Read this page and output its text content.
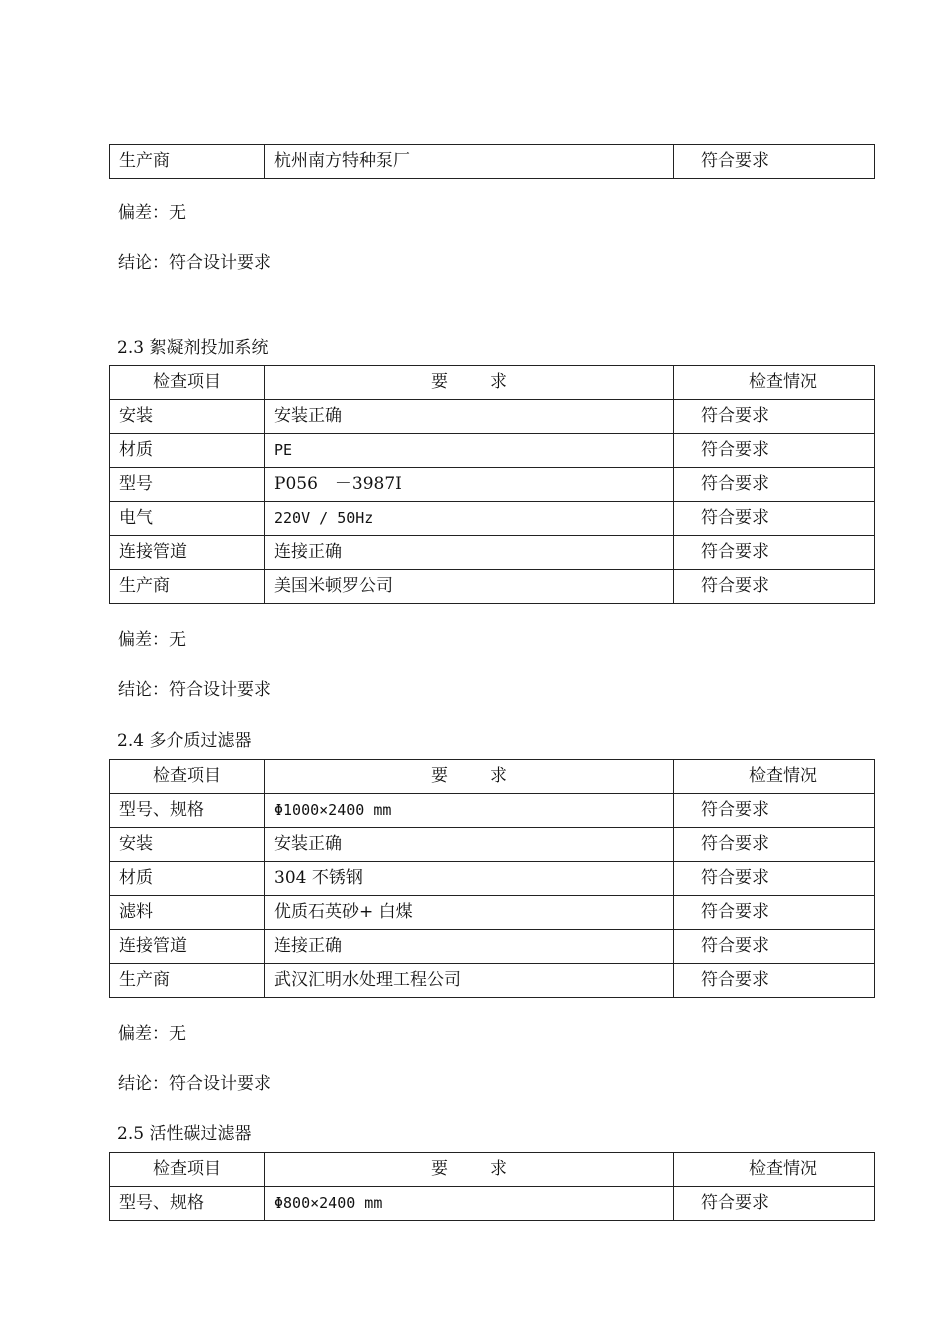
生产商	杭州南方特种泵厂	符合要求
偏差：无
结论：符合设计要求
2.3 絮凝剂投加系统
检查项目	要 求	检查情况
安装	安装正确	符合要求
材质	PE	符合要求
型号	P056　－3987I	符合要求
电气	220V / 50Hz	符合要求
连接管道	连接正确	符合要求
生产商	美国米顿罗公司	符合要求
偏差：无
结论：符合设计要求
2.4 多介质过滤器
检查项目	要 求	检查情况
型号、规格	Φ1000×2400 mm	符合要求
安装	安装正确	符合要求
材质	304 不锈钢	符合要求
滤料	优质石英砂+ 白煤	符合要求
连接管道	连接正确	符合要求
生产商	武汉汇明水处理工程公司	符合要求
偏差：无
结论：符合设计要求
2.5 活性碳过滤器
检查项目	要 求	检查情况
型号、规格	Φ800×2400 mm	符合要求
